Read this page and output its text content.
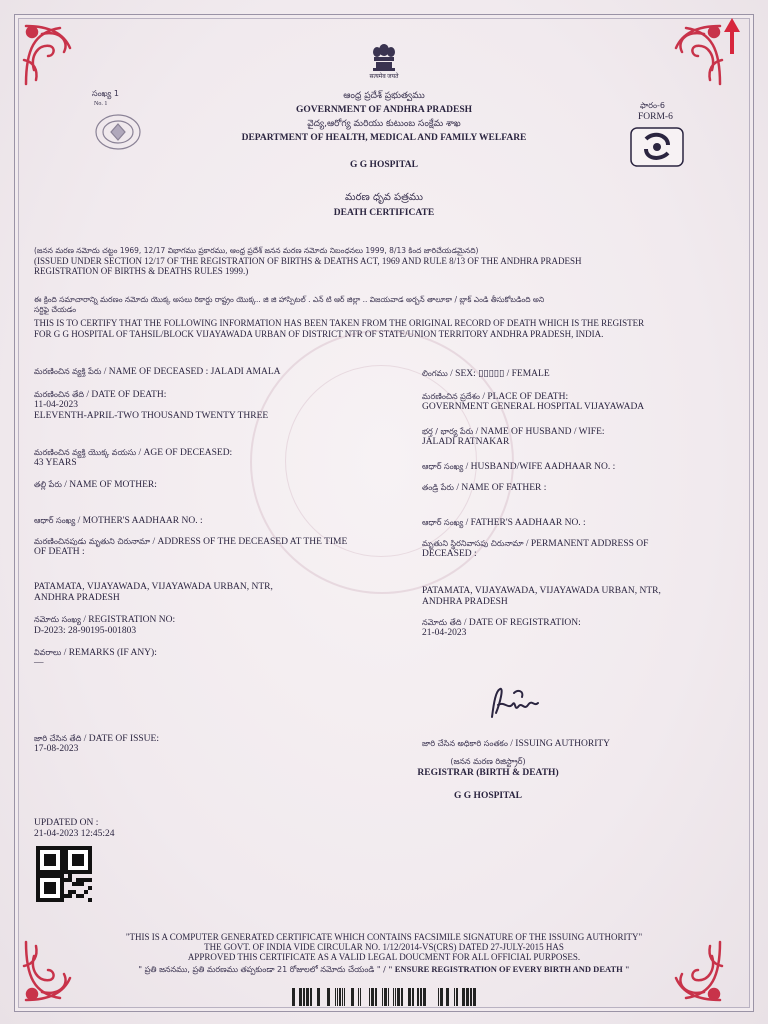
सत्यमेव जयते
సంఖ్య 1
No. 1
ఆంధ్ర ప్రదేశ్ ప్రభుత్వము
GOVERNMENT OF ANDHRA PRADESH
వైద్య,ఆరోగ్య మరియు కుటుంబ సంక్షేమ శాఖ
DEPARTMENT OF HEALTH, MEDICAL AND FAMILY WELFARE
ఫారం-6
FORM-6
G G HOSPITAL
మరణ ధృవ పత్రము
DEATH CERTIFICATE
(జనన మరణ నమోదు చట్టం 1969, 12/17 విభాగము ప్రకారము, ఆంధ్ర ప్రదేశ్ జనన మరణ నమోదు నిబంధనలు 1999, 8/13 కింద జారిచేయడమైనది)
(ISSUED UNDER SECTION 12/17 OF THE REGISTRATION OF BIRTHS & DEATHS ACT, 1969 AND RULE 8/13 OF THE ANDHRA PRADESH
REGISTRATION OF BIRTHS & DEATHS RULES 1999.)
ఈ క్రింది సమాచారాన్ని మరణం నమోదు యొక్క అసలు రికార్డు రాష్ట్రం యొక్క.. జి జి హాస్పిటల్ . ఎన్ టి ఆర్ జిల్లా .. విజయవాడ అర్బన్ తాలూకా / బ్లాక్ ఎండి తీసుకోబడింది అని
సర్టిఫై చేయడం
THIS IS TO CERTIFY THAT THE FOLLOWING INFORMATION HAS BEEN TAKEN FROM THE ORIGINAL RECORD OF DEATH WHICH IS THE REGISTER
FOR G G HOSPITAL OF TAHSIL/BLOCK VIJAYAWADA URBAN OF DISTRICT NTR OF STATE/UNION TERRITORY ANDHRA PRADESH, INDIA.
మరణించిన వ్యక్తి పేరు / NAME OF DECEASED : JALADI AMALA
మరణించిన తేది / DATE OF DEATH:
11-04-2023
ELEVENTH-APRIL-TWO THOUSAND TWENTY THREE
మరణించిన వ్యక్తి యొక్క వయసు / AGE OF DECEASED:
43 YEARS
తల్లి పేరు / NAME OF MOTHER:
ఆధార్ సంఖ్య / MOTHER'S AADHAAR NO. :
మరణించినపుడు మృతుని చిరునామా / ADDRESS OF THE DECEASED AT THE TIME
OF DEATH :
PATAMATA, VIJAYAWADA, VIJAYAWADA URBAN, NTR,
ANDHRA PRADESH
నమోదు సంఖ్య / REGISTRATION NO:
D-2023: 28-90195-001803
వివరాలు / REMARKS (IF ANY):
—
జారి చేసిన తేది / DATE OF ISSUE:
17-08-2023
లింగము / SEX: ▯▯▯▯▯ / FEMALE
మరణించిన ప్రదేశం / PLACE OF DEATH:
GOVERNMENT GENERAL HOSPITAL VIJAYAWADA
భర్త / భార్య పేరు / NAME OF HUSBAND / WIFE:
JALADI RATNAKAR
ఆధార్ సంఖ్య / HUSBAND/WIFE AADHAAR NO. :
తండ్రి పేరు / NAME OF FATHER :
ఆధార్ సంఖ్య / FATHER'S AADHAAR NO. :
మృతుని స్థిరనివాసపు చిరునామా / PERMANENT ADDRESS OF
DECEASED :
PATAMATA, VIJAYAWADA, VIJAYAWADA URBAN, NTR,
ANDHRA PRADESH
నమోదు తేది / DATE OF REGISTRATION:
21-04-2023
జారి చేసిన అధికారి సంతకం / ISSUING AUTHORITY
(జనన మరణ రిజిస్ట్రార్)
REGISTRAR (BIRTH & DEATH)
G G HOSPITAL
UPDATED ON :
21-04-2023 12:45:24
"THIS IS A COMPUTER GENERATED CERTIFICATE WHICH CONTAINS FACSIMILE SIGNATURE OF THE ISSUING AUTHORITY"
THE GOVT. OF INDIA VIDE CIRCULAR NO. 1/12/2014-VS(CRS) DATED 27-JULY-2015 HAS
APPROVED THIS CERTIFICATE AS A VALID LEGAL DOUCMENT FOR ALL OFFICIAL PURPOSES.
" ప్రతి జననము, ప్రతి మరణము తప్పకుండా 21 రోజులలో నమోదు చేయండి " / " ENSURE REGISTRATION OF EVERY BIRTH AND DEATH "
